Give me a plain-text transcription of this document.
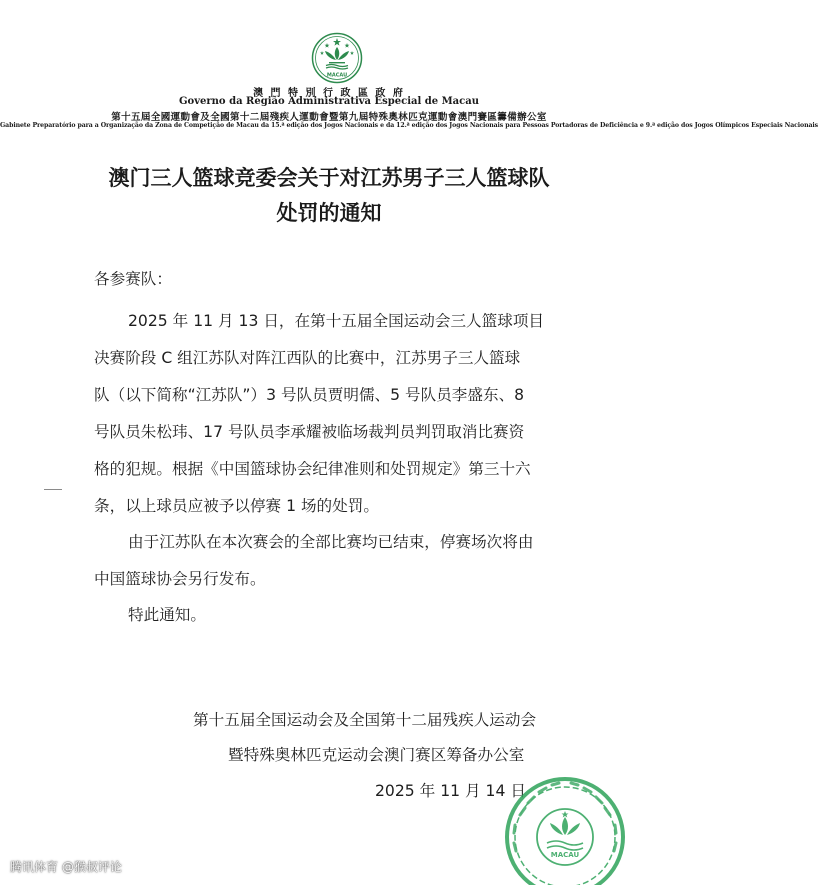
MACAU
澳 門 特 別 行 政 區 政 府
Governo da Região Administrativa Especial de Macau
第十五屆全國運動會及全國第十二屆殘疾人運動會暨第九屆特殊奧林匹克運動會澳門賽區籌備辦公室
Gabinete Preparatório para a Organização da Zona de Competição de Macau da 15.ª edição dos Jogos Nacionais e da 12.ª edição dos Jogos Nacionais para Pessoas Portadoras de Deficiência e 9.ª edição dos Jogos Olímpicos Especiais Nacionais
澳门三人篮球竞委会关于对江苏男子三人篮球队
处罚的通知
各参赛队：
2025 年 11 月 13 日，在第十五届全国运动会三人篮球项目
决赛阶段 C 组江苏队对阵江西队的比赛中，江苏男子三人篮球
队（以下简称“江苏队”）3 号队员贾明儒、5 号队员李盛东、8
号队员朱松玮、17 号队员李承耀被临场裁判员判罚取消比赛资
格的犯规。根据《中国篮球协会纪律准则和处罚规定》第三十六
条，以上球员应被予以停赛 1 场的处罚。
由于江苏队在本次赛会的全部比赛均已结束，停赛场次将由
中国篮球协会另行发布。
特此通知。
第十五届全国运动会及全国第十二届残疾人运动会
暨特殊奥林匹克运动会澳门赛区筹备办公室
2025 年 11 月 14 日
MACAU
腾讯体育 @猴叔评论
